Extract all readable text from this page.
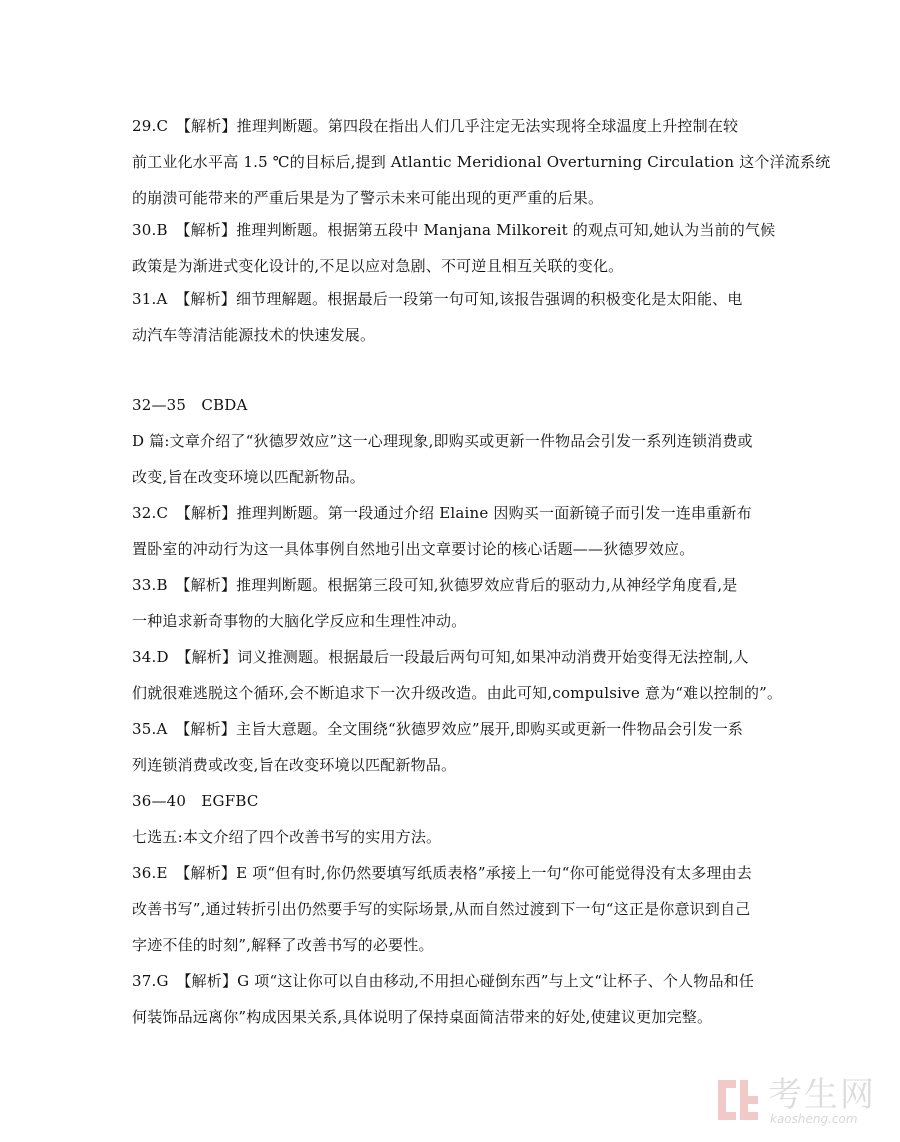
29.C　【解析】推理判断题。第四段在指出人们几乎注定无法实现将全球温度上升控制在较
前工业化水平高 1.5 ℃的目标后,提到 Atlantic Meridional Overturning Circulation 这个洋流系统
的崩溃可能带来的严重后果是为了警示未来可能出现的更严重的后果。
30.B　【解析】推理判断题。根据第五段中 Manjana Milkoreit 的观点可知,她认为当前的气候
政策是为渐进式变化设计的,不足以应对急剧、不可逆且相互关联的变化。
31.A　【解析】细节理解题。根据最后一段第一句可知,该报告强调的积极变化是太阳能、电
动汽车等清洁能源技术的快速发展。
32—35　CBDA
D 篇:文章介绍了“狄德罗效应”这一心理现象,即购买或更新一件物品会引发一系列连锁消费或
改变,旨在改变环境以匹配新物品。
32.C　【解析】推理判断题。第一段通过介绍 Elaine 因购买一面新镜子而引发一连串重新布
置卧室的冲动行为这一具体事例自然地引出文章要讨论的核心话题——狄德罗效应。
33.B　【解析】推理判断题。根据第三段可知,狄德罗效应背后的驱动力,从神经学角度看,是
一种追求新奇事物的大脑化学反应和生理性冲动。
34.D　【解析】词义推测题。根据最后一段最后两句可知,如果冲动消费开始变得无法控制,人
们就很难逃脱这个循环,会不断追求下一次升级改造。由此可知,compulsive 意为“难以控制的”。
35.A　【解析】主旨大意题。全文围绕“狄德罗效应”展开,即购买或更新一件物品会引发一系
列连锁消费或改变,旨在改变环境以匹配新物品。
36—40　EGFBC
七选五:本文介绍了四个改善书写的实用方法。
36.E　【解析】E 项“但有时,你仍然要填写纸质表格”承接上一句“你可能觉得没有太多理由去
改善书写”,通过转折引出仍然要手写的实际场景,从而自然过渡到下一句“这正是你意识到自己
字迹不佳的时刻”,解释了改善书写的必要性。
37.G　【解析】G 项“这让你可以自由移动,不用担心碰倒东西”与上文“让杯子、个人物品和任
何装饰品远离你”构成因果关系,具体说明了保持桌面简洁带来的好处,使建议更加完整。
考生网
kaosheng.com
